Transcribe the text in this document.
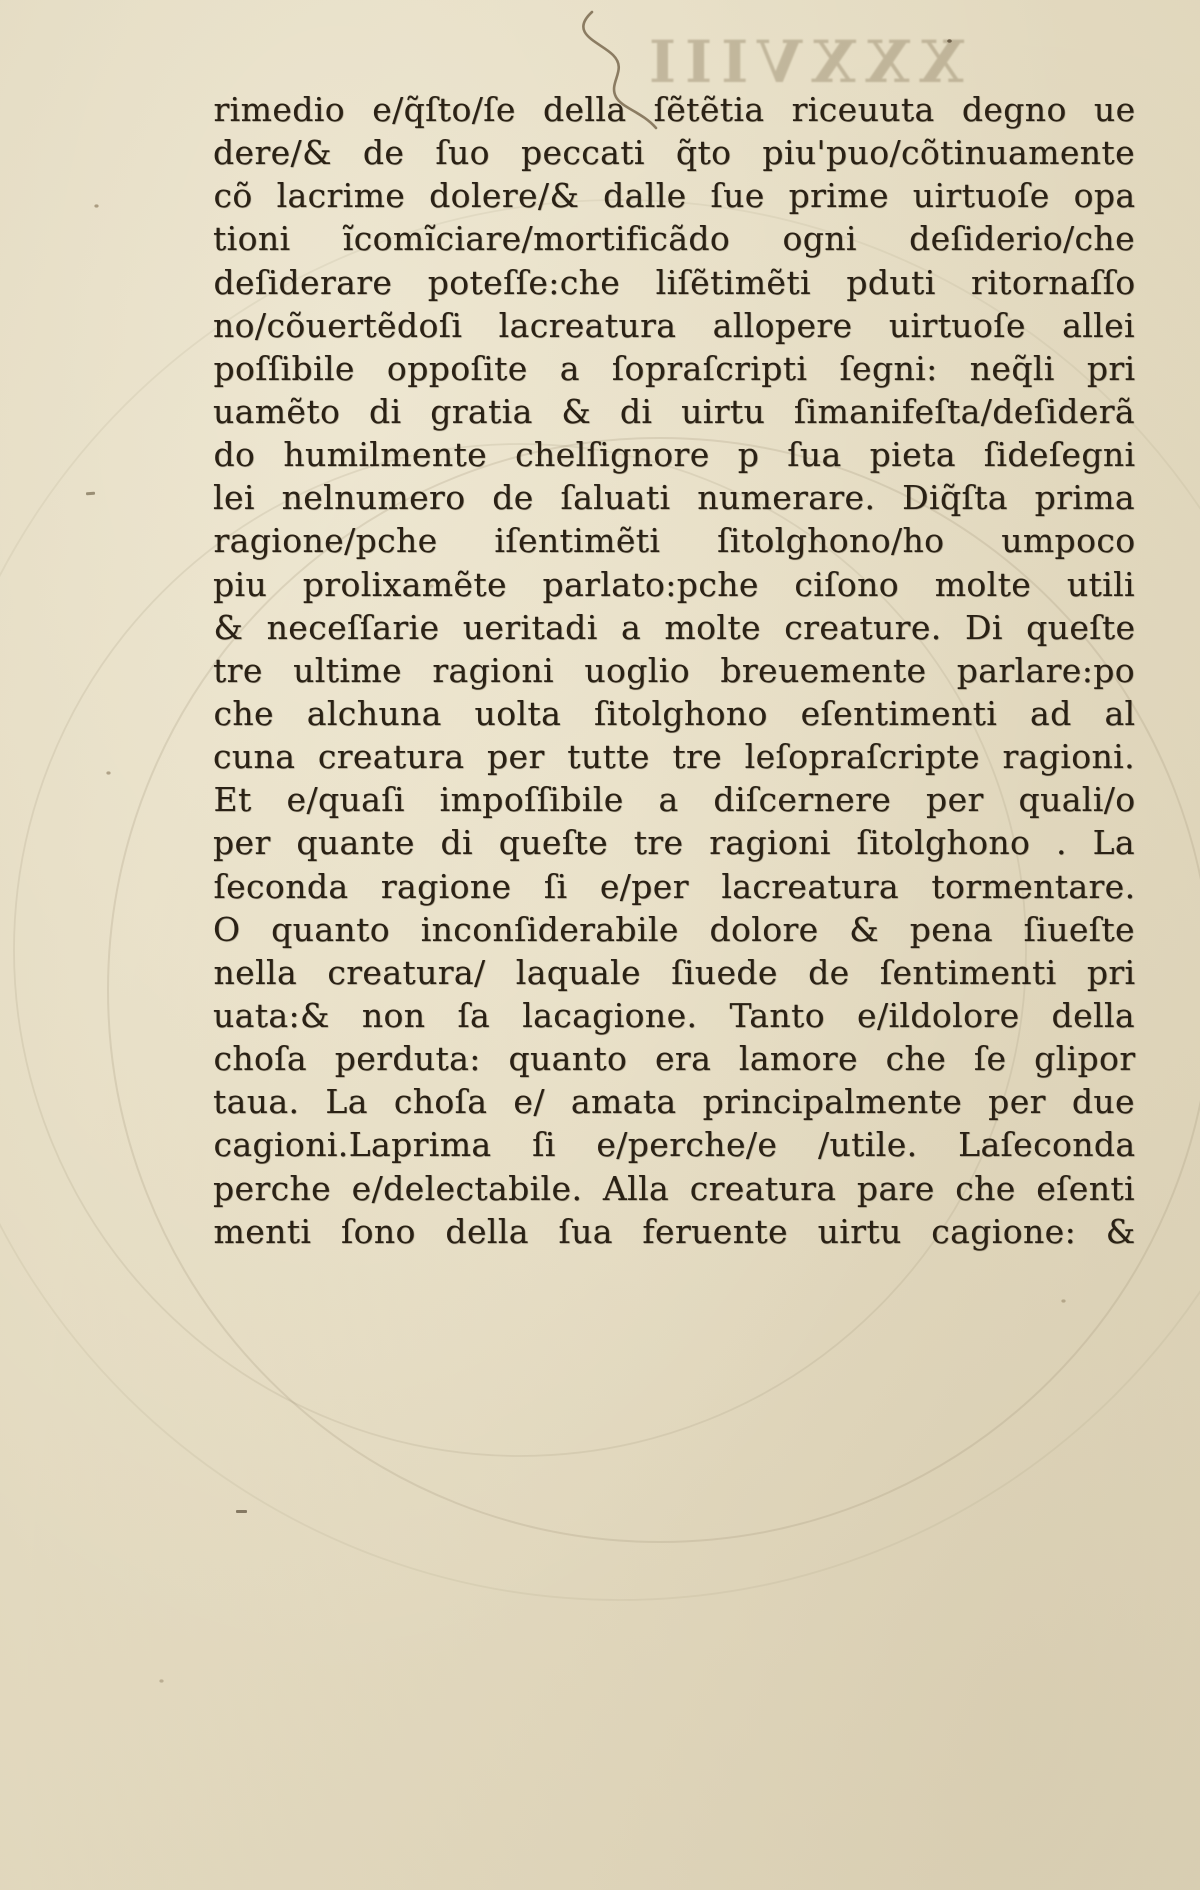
XXXVIII
rimedio e/q̃ſto/ſe della ſẽtẽtia riceuuta degno ue
dere/& de ſuo peccati q̃to piu'puo/cõtinuamente
cõ lacrime dolere/& dalle ſue prime uirtuoſe opa
tioni ĩcomĩciare/mortificãdo ogni deſiderio/che
deſiderare poteſſe:che liſẽtimẽti pduti ritornaſſo
no/cõuertẽdoſi lacreatura allopere uirtuoſe allei
poſſibile oppoſite a ſopraſcripti ſegni: neq̃li pri
uamẽto di gratia & di uirtu ſimanifeſta/deſiderã
do humilmente chelſignore p ſua pieta ſideſegni
lei nelnumero de ſaluati numerare. Diq̃ſta prima
ragione/pche iſentimẽti ſitolghono/ho umpoco
piu prolixamẽte parlato:pche ciſono molte utili
& neceſſarie ueritadi a molte creature. Di queſte
tre ultime ragioni uoglio breuemente parlare:po
che alchuna uolta ſitolghono eſentimenti ad al
cuna creatura per tutte tre leſopraſcripte ragioni.
Et e/quaſi impoſſibile a diſcernere per quali/o
per quante di queſte tre ragioni ſitolghono . La
ſeconda ragione ſi e/per lacreatura tormentare.
O quanto inconſiderabile dolore & pena ſiueſte
nella creatura/ laquale ſiuede de ſentimenti pri
uata:& non ſa lacagione. Tanto e/ildolore della
choſa perduta: quanto era lamore che ſe glipor
taua. La choſa e/ amata principalmente per due
cagioni.Laprima ſi e/perche/e /utile. Laſeconda
perche e/delectabile. Alla creatura pare che eſenti
menti ſono della ſua feruente uirtu cagione: &
